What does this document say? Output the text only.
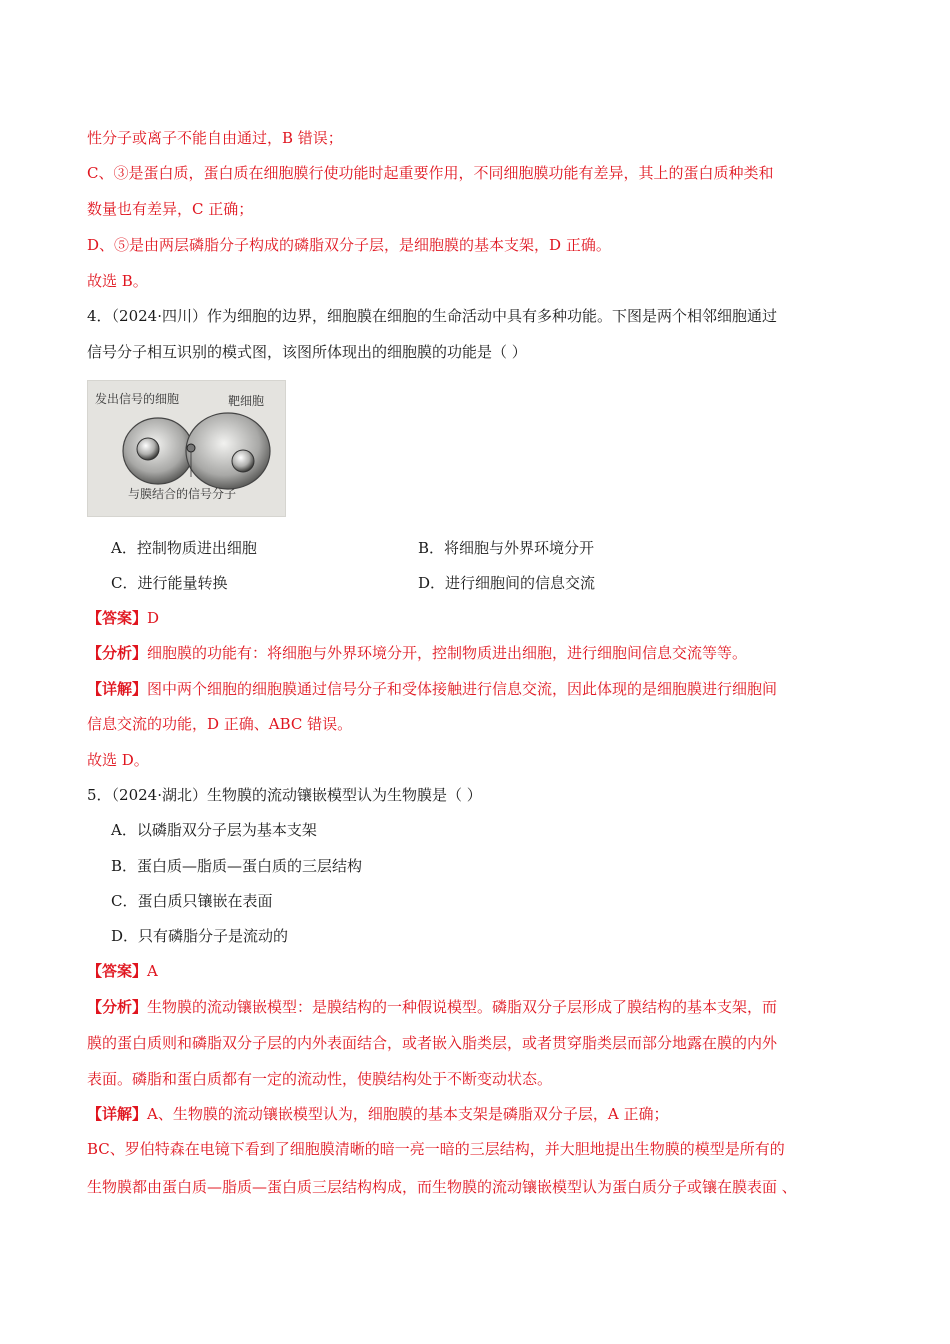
性分子或离子不能自由通过，B 错误；
C、③是蛋白质，蛋白质在细胞膜行使功能时起重要作用，不同细胞膜功能有差异，其上的蛋白质种类和
数量也有差异，C 正确；
D、⑤是由两层磷脂分子构成的磷脂双分子层，是细胞膜的基本支架，D 正确。
故选 B。
4．（2024·四川）作为细胞的边界，细胞膜在细胞的生命活动中具有多种功能。下图是两个相邻细胞通过
信号分子相互识别的模式图，该图所体现出的细胞膜的功能是（ ）
发出信号的细胞	靶细胞
与膜结合的信号分子
A．控制物质进出细胞	B．将细胞与外界环境分开
C．进行能量转换	D．进行细胞间的信息交流
【答案】D
【分析】细胞膜的功能有：将细胞与外界环境分开，控制物质进出细胞，进行细胞间信息交流等等。
【详解】图中两个细胞的细胞膜通过信号分子和受体接触进行信息交流，因此体现的是细胞膜进行细胞间
信息交流的功能，D 正确、ABC 错误。
故选 D。
5．（2024·湖北）生物膜的流动镶嵌模型认为生物膜是（ ）
A．以磷脂双分子层为基本支架
B．蛋白质—脂质—蛋白质的三层结构
C．蛋白质只镶嵌在表面
D．只有磷脂分子是流动的
【答案】A
【分析】生物膜的流动镶嵌模型：是膜结构的一种假说模型。磷脂双分子层形成了膜结构的基本支架，而
膜的蛋白质则和磷脂双分子层的内外表面结合，或者嵌入脂类层，或者贯穿脂类层而部分地露在膜的内外
表面。磷脂和蛋白质都有一定的流动性，使膜结构处于不断变动状态。
【详解】A、生物膜的流动镶嵌模型认为，细胞膜的基本支架是磷脂双分子层，A 正确；
BC、罗伯特森在电镜下看到了细胞膜清晰的暗一亮一暗的三层结构，并大胆地提出生物膜的模型是所有的
生物膜都由蛋白质—脂质—蛋白质三层结构构成，而生物膜的流动镶嵌模型认为蛋白质分子或镶在膜表面 、
